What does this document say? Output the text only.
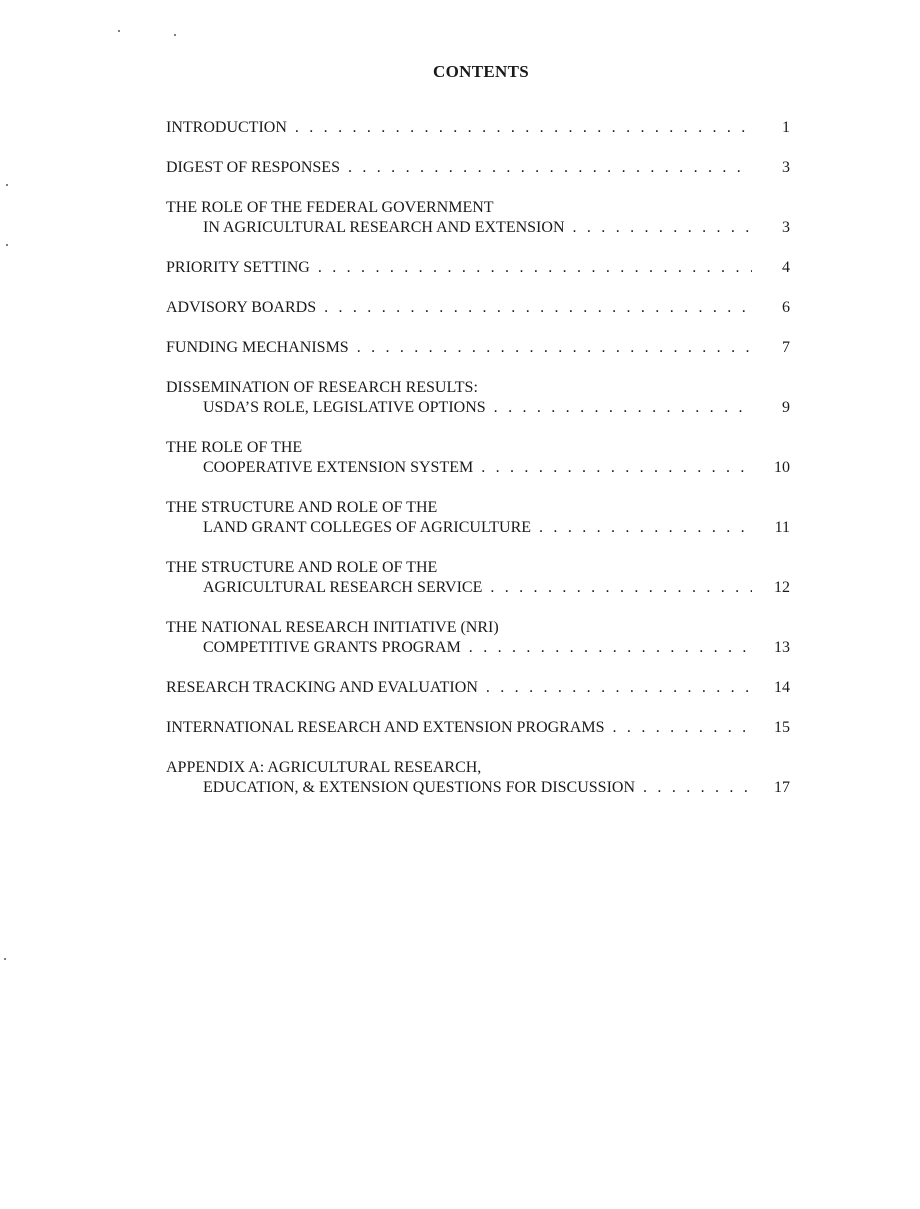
CONTENTS
INTRODUCTION . . .	1
DIGEST OF RESPONSES . . .	3
THE ROLE OF THE FEDERAL GOVERNMENT
IN AGRICULTURAL RESEARCH AND EXTENSION . . .	3
PRIORITY SETTING . . .	4
ADVISORY BOARDS . . .	6
FUNDING MECHANISMS . . .	7
DISSEMINATION OF RESEARCH RESULTS:
USDA’S ROLE, LEGISLATIVE OPTIONS . . .	9
THE ROLE OF THE
COOPERATIVE EXTENSION SYSTEM . . .	10
THE STRUCTURE AND ROLE OF THE
LAND GRANT COLLEGES OF AGRICULTURE . . .	11
THE STRUCTURE AND ROLE OF THE
AGRICULTURAL RESEARCH SERVICE . . .	12
THE NATIONAL RESEARCH INITIATIVE (NRI)
COMPETITIVE GRANTS PROGRAM . . .	13
RESEARCH TRACKING AND EVALUATION . . .	14
INTERNATIONAL RESEARCH AND EXTENSION PROGRAMS . . .	15
APPENDIX A: AGRICULTURAL RESEARCH,
EDUCATION, & EXTENSION QUESTIONS FOR DISCUSSION . . .	17
